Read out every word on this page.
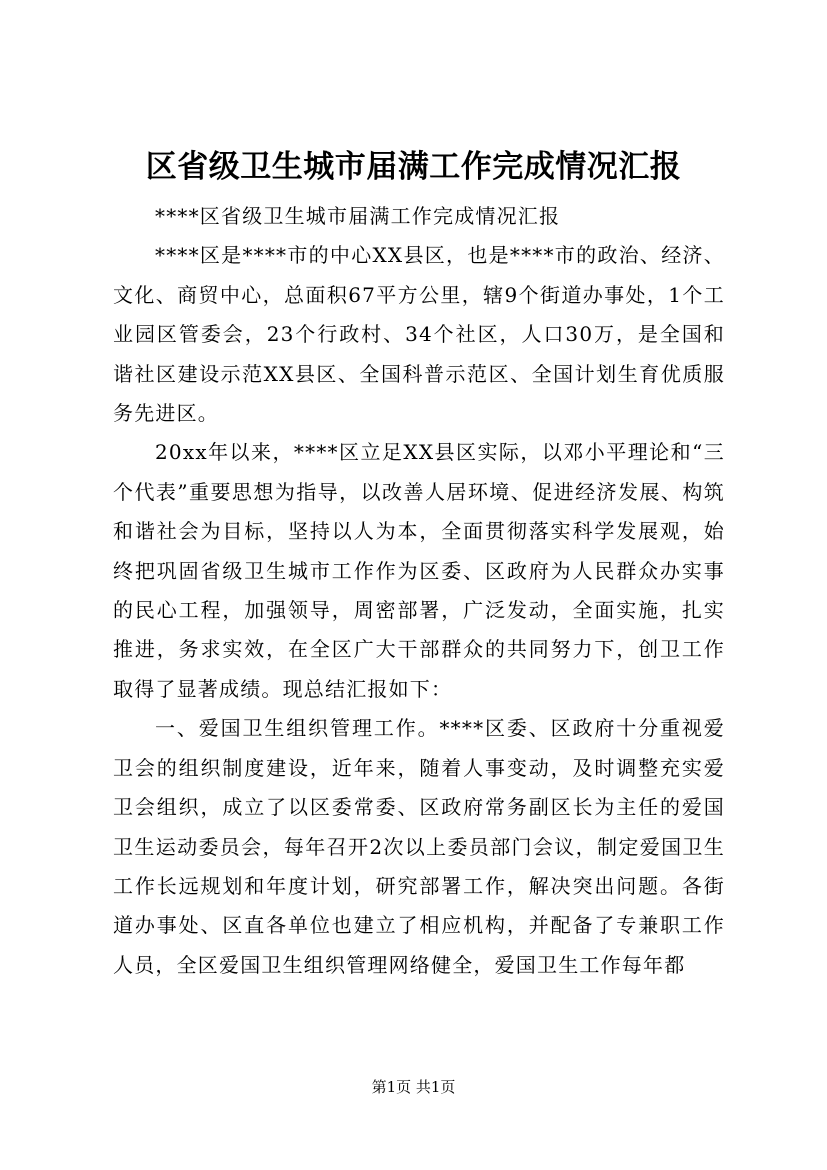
区省级卫生城市届满工作完成情况汇报

****区省级卫生城市届满工作完成情况汇报

****区是****市的中心XX县区，也是****市的政治、经济、文化、商贸中心，总面积67平方公里，辖9个街道办事处，1个工业园区管委会，23个行政村、34个社区，人口30万，是全国和谐社区建设示范XX县区、全国科普示范区、全国计划生育优质服务先进区。

20xx年以来，****区立足XX县区实际，以邓小平理论和“三个代表”重要思想为指导，以改善人居环境、促进经济发展、构筑和谐社会为目标，坚持以人为本，全面贯彻落实科学发展观，始终把巩固省级卫生城市工作作为区委、区政府为人民群众办实事的民心工程，加强领导，周密部署，广泛发动，全面实施，扎实推进，务求实效，在全区广大干部群众的共同努力下，创卫工作取得了显著成绩。现总结汇报如下：

一、爱国卫生组织管理工作。****区委、区政府十分重视爱卫会的组织制度建设，近年来，随着人事变动，及时调整充实爱卫会组织，成立了以区委常委、区政府常务副区长为主任的爱国卫生运动委员会，每年召开2次以上委员部门会议，制定爱国卫生工作长远规划和年度计划，研究部署工作，解决突出问题。各街道办事处、区直各单位也建立了相应机构，并配备了专兼职工作人员，全区爱国卫生组织管理网络健全，爱国卫生工作每年都

第1页 共1页
